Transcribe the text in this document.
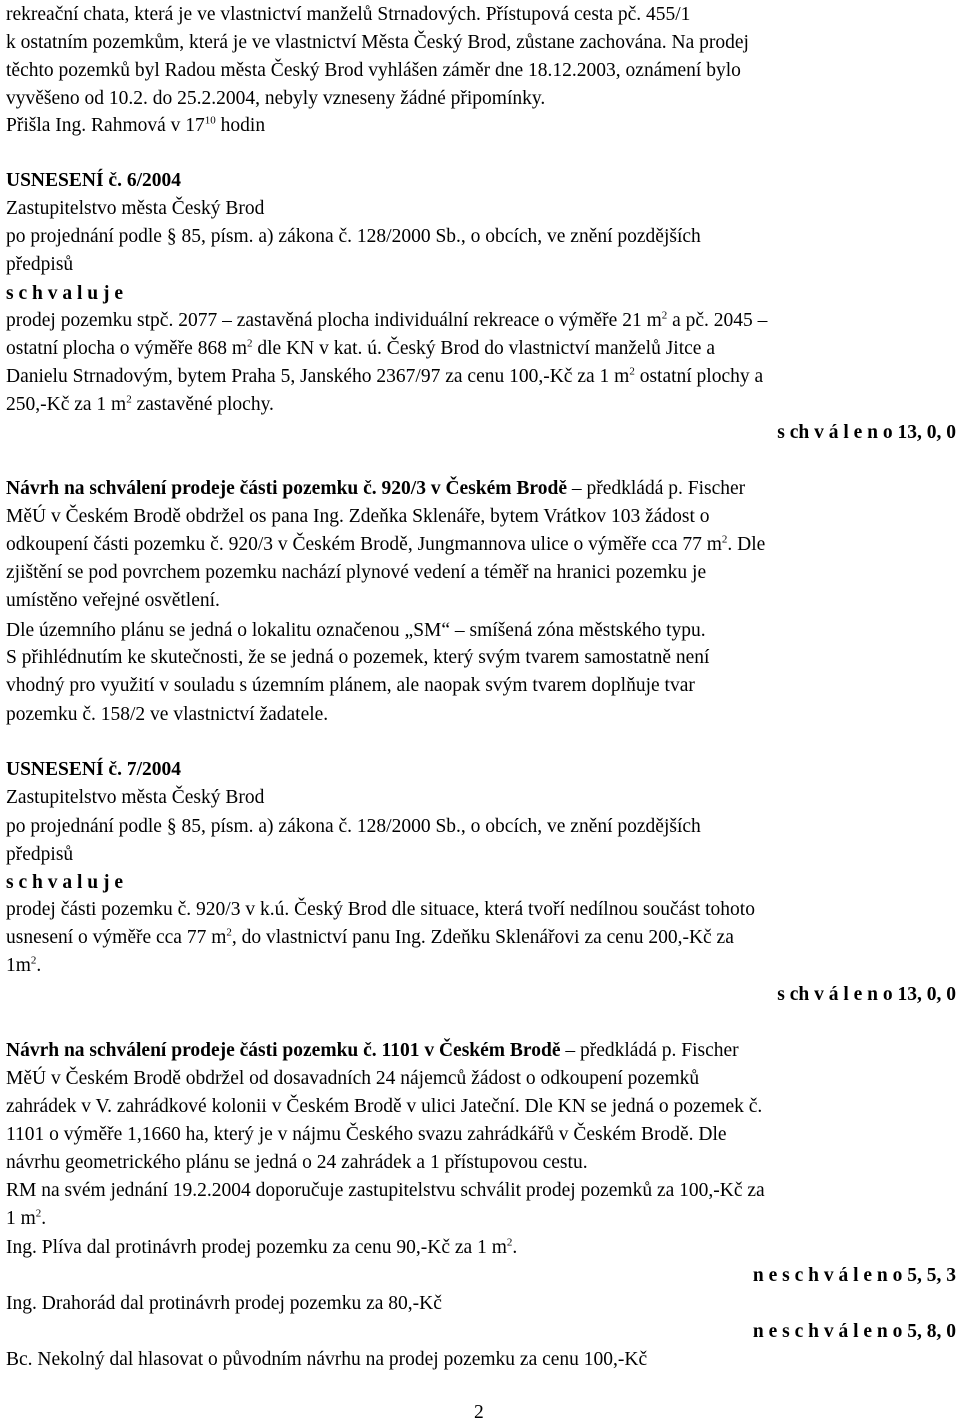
rekreační chata, která je ve vlastnictví manželů Strnadových. Přístupová cesta pč. 455/1
k ostatním pozemkům, která je ve vlastnictví Města Český Brod, zůstane zachována. Na prodej
těchto pozemků byl Radou města Český Brod vyhlášen záměr dne 18.12.2003, oznámení bylo
vyvěšeno od 10.2. do 25.2.2004, nebyly vzneseny žádné připomínky.
Přišla Ing. Rahmová v $17^{10}$ hodin
USNESENÍ č. 6/2004
Zastupitelstvo města Český Brod
po projednání podle § 85, písm. a) zákona č. 128/2000 Sb., o obcích, ve znění pozdějších
předpisů
s c h v a l u j e
prodej pozemku stpč. 2077 – zastavěná plocha individuální rekreace o výměře 21 $m^2$ a pč. 2045 –
ostatní plocha o výměře 868 $m^2$ dle KN v kat. ú. Český Brod do vlastnictví manželů Jitce a
Danielu Strnadovým, bytem Praha 5, Janského 2367/97 za cenu 100,-Kč za 1 $m^2$ ostatní plochy a
250,-Kč za 1 $m^2$ zastavěné plochy.
s ch v á l e n o 13, 0, 0
Návrh na schválení prodeje části pozemku č. 920/3 v Českém Brodě – předkládá p. Fischer
MěÚ v Českém Brodě obdržel os pana Ing. Zdeňka Sklenáře, bytem Vrátkov 103 žádost o
odkoupení části pozemku č. 920/3 v Českém Brodě, Jungmannova ulice o výměře cca 77 $m^2$. Dle
zjištění se pod povrchem pozemku nachází plynové vedení a téměř na hranici pozemku je
umístěno veřejné osvětlení.
Dle územního plánu se jedná o lokalitu označenou „SM“ – smíšená zóna městského typu.
S přihlédnutím ke skutečnosti, že se jedná o pozemek, který svým tvarem samostatně není
vhodný pro využití v souladu s územním plánem, ale naopak svým tvarem doplňuje tvar
pozemku č. 158/2 ve vlastnictví žadatele.
USNESENÍ č. 7/2004
Zastupitelstvo města Český Brod
po projednání podle § 85, písm. a) zákona č. 128/2000 Sb., o obcích, ve znění pozdějších
předpisů
s c h v a l u j e
prodej části pozemku č. 920/3 v k.ú. Český Brod dle situace, která tvoří nedílnou součást tohoto
usnesení o výměře cca 77 $m^2$, do vlastnictví panu Ing. Zdeňku Sklenářovi za cenu 200,-Kč za
$1m^2$.
s ch v á l e n o 13, 0, 0
Návrh na schválení prodeje části pozemku č. 1101 v Českém Brodě – předkládá p. Fischer
MěÚ v Českém Brodě obdržel od dosavadních 24 nájemců žádost o odkoupení pozemků
zahrádek v V. zahrádkové kolonii v Českém Brodě v ulici Jateční. Dle KN se jedná o pozemek č.
1101 o výměře 1,1660 ha, který je v nájmu Českého svazu zahrádkářů v Českém Brodě. Dle
návrhu geometrického plánu se jedná o 24 zahrádek a 1 přístupovou cestu.
RM na svém jednání 19.2.2004 doporučuje zastupitelstvu schválit prodej pozemků za 100,-Kč za
1 $m^2$.
Ing. Plíva dal protinávrh prodej pozemku za cenu 90,-Kč za 1 $m^2$.
n e s c h v á l e n o 5, 5, 3
Ing. Drahorád dal protinávrh prodej pozemku za 80,-Kč
n e s c h v á l e n o 5, 8, 0
Bc. Nekolný dal hlasovat o původním návrhu na prodej pozemku za cenu 100,-Kč
2
